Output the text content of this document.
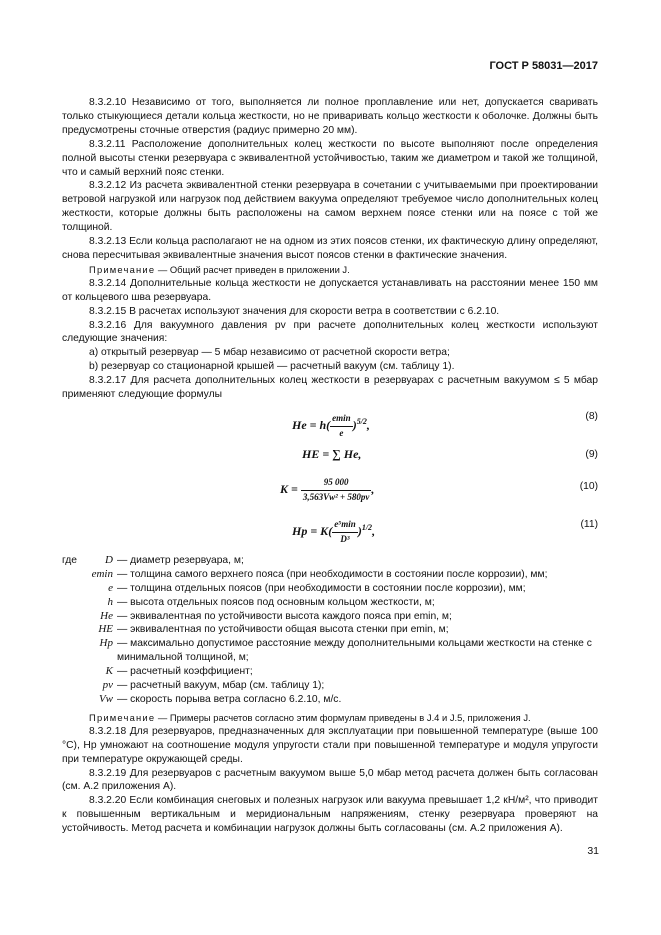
ГОСТ Р 58031—2017

8.3.2.10 Независимо от того, выполняется ли полное проплавление или нет, допускается сваривать только стыкующиеся детали кольца жесткости, но не приваривать кольцо жесткости к оболочке. Должны быть предусмотрены сточные отверстия (радиус примерно 20 мм).

8.3.2.11 Расположение дополнительных колец жесткости по высоте выполняют после определения полной высоты стенки резервуара с эквивалентной устойчивостью, таким же диаметром и такой же толщиной, что и самый верхний пояс стенки.

8.3.2.12 Из расчета эквивалентной стенки резервуара в сочетании с учитываемыми при проектировании ветровой нагрузкой или нагрузок под действием вакуума определяют требуемое число дополнительных колец жесткости, которые должны быть расположены на самом верхнем поясе стенки или на поясе с той же толщиной.

8.3.2.13 Если кольца располагают не на одном из этих поясов стенки, их фактическую длину определяют, снова пересчитывая эквивалентные значения высот поясов стенки в фактические значения.

Примечание — Общий расчет приведен в приложении J.

8.3.2.14 Дополнительные кольца жесткости не допускается устанавливать на расстоянии менее 150 мм от кольцевого шва резервуара.

8.3.2.15 В расчетах используют значения для скорости ветра в соответствии с 6.2.10.

8.3.2.16 Для вакуумного давления pv при расчете дополнительных колец жесткости используют следующие значения:

а) открытый резервуар — 5 мбар независимо от расчетной скорости ветра;

b) резервуар со стационарной крышей — расчетный вакуум (см. таблицу 1).

8.3.2.17 Для расчета дополнительных колец жесткости в резервуарах с расчетным вакуумом ≤ 5 мбар применяют следующие формулы

$He = h( \frac{emin}{e} )^{5/2}$,
(8)
HE = ∑ He,	(9)
$K = \frac{95 000}{\text{3,563Vw² + 580pv}}$ ,	(10)
$Hp = K( \frac{\text{e⁵min}}{\text{D³}} )^{1/2}$,	(11)
где	D — диаметр резервуара, м;
emin — толщина самого верхнего пояса (при необходимости в состоянии после коррозии), мм;
e — толщина отдельных поясов (при необходимости в состоянии после коррозии), мм;
h — высота отдельных поясов под основным кольцом жесткости, м;
He — эквивалентная по устойчивости высота каждого пояса при emin, м;
HE — эквивалентная по устойчивости общая высота стенки при emin, м;
Hp — максимально допустимое расстояние между дополнительными кольцами жесткости на стенке с минимальной толщиной, м;
K — расчетный коэффициент;
pv — расчетный вакуум, мбар (см. таблицу 1);
Vw — скорость порыва ветра согласно 6.2.10, м/с.

Примечание — Примеры расчетов согласно этим формулам приведены в J.4 и J.5, приложения J.

8.3.2.18 Для резервуаров, предназначенных для эксплуатации при повышенной температуре (выше 100 °С), Hp умножают на соотношение модуля упругости стали при повышенной температуре и модуля упругости при температуре окружающей среды.

8.3.2.19 Для резервуаров с расчетным вакуумом выше 5,0 мбар метод расчета должен быть согласован (см. А.2 приложения А).

8.3.2.20 Если комбинация снеговых и полезных нагрузок или вакуума превышает 1,2 кН/м², что приводит к повышенным вертикальным и меридиональным напряжениям, стенку резервуара проверяют на устойчивость. Метод расчета и комбинации нагрузок должны быть согласованы (см. А.2 приложения А).

31
